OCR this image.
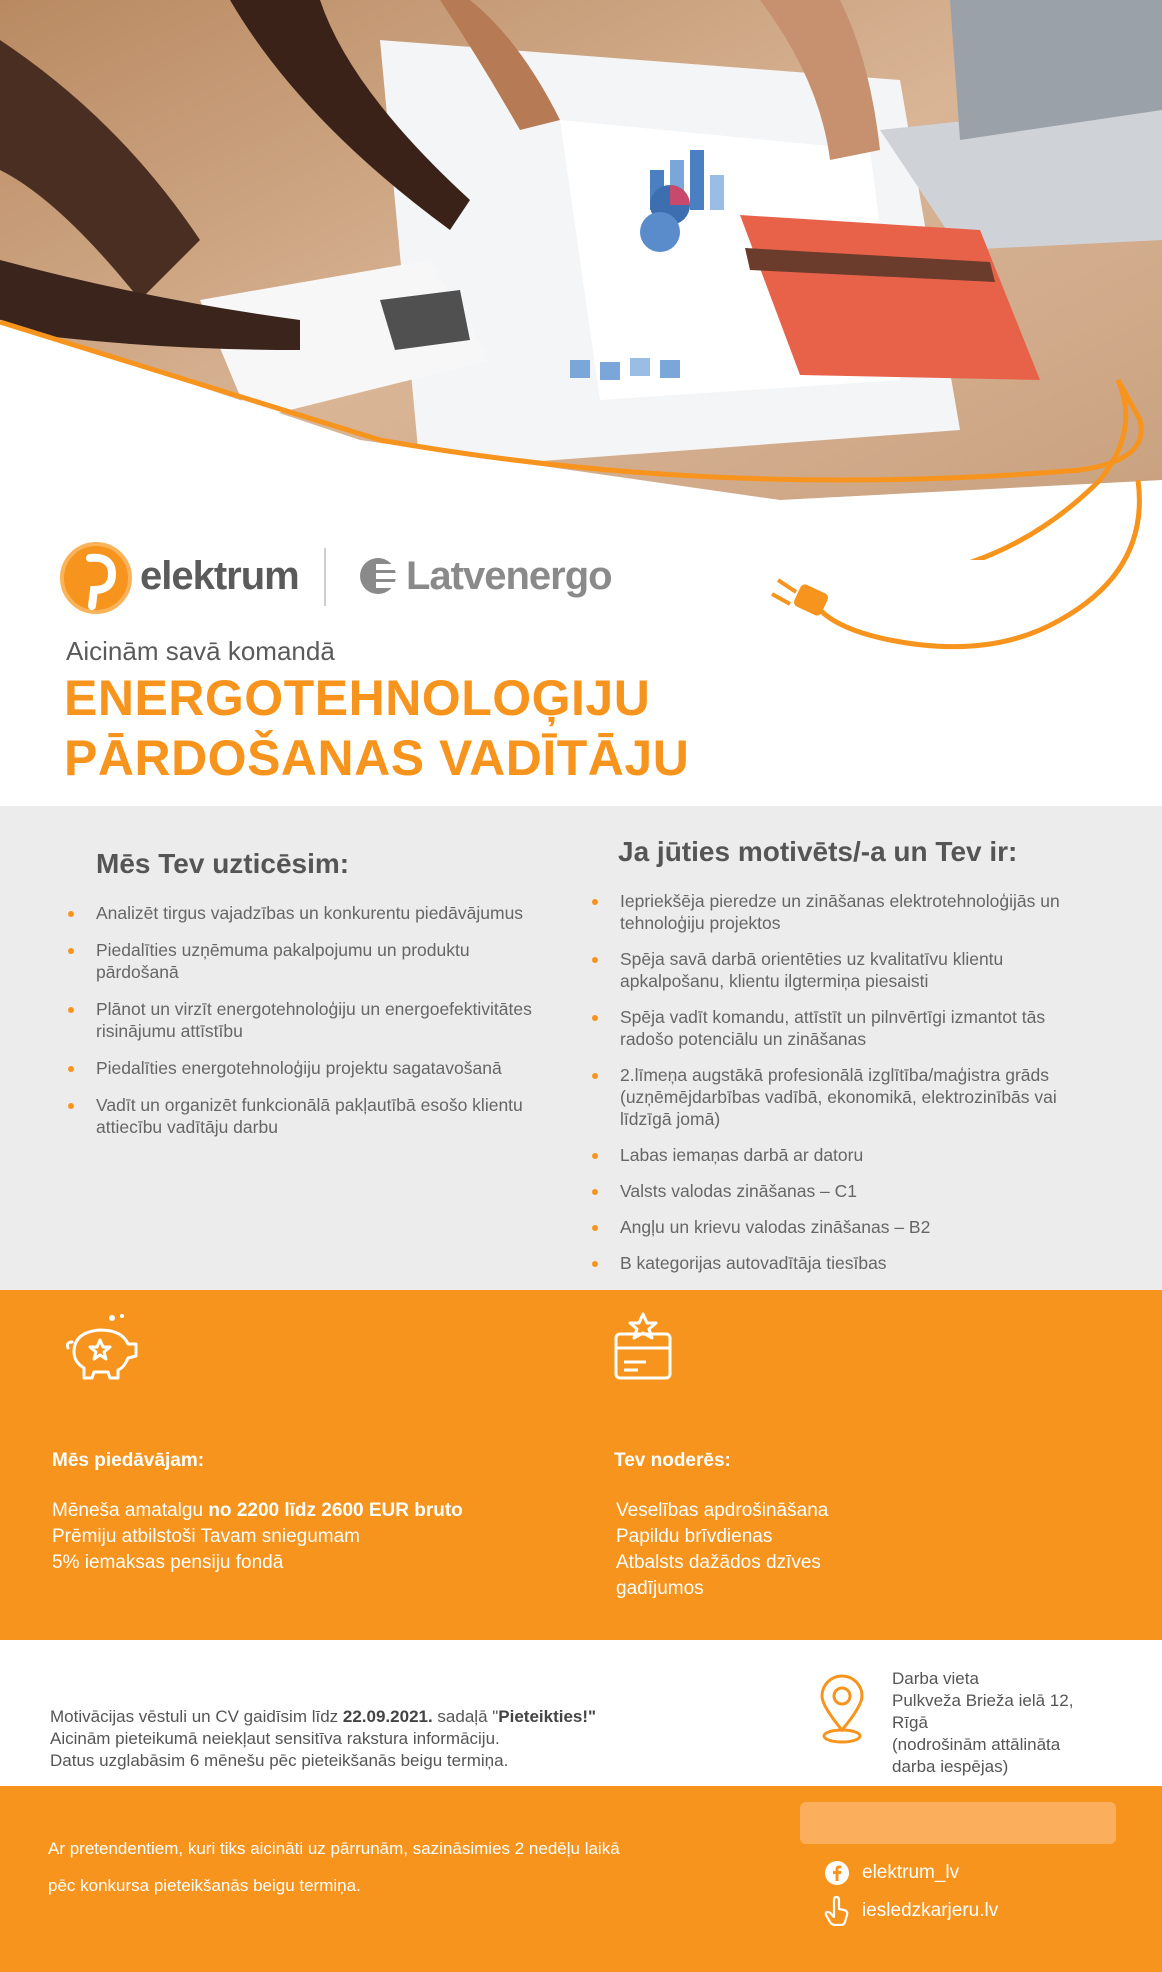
elektrum	Latvenergo
Aicinām savā komandā
ENERGOTEHNOLOĢIJU
PĀRDOŠANAS VADĪTĀJU
Mēs Tev uzticēsim:
Analizēt tirgus vajadzības un konkurentu piedāvājumus
Piedalīties uzņēmuma pakalpojumu un produktu pārdošanā
Plānot un virzīt energotehnoloģiju un energoefektivitātes risinājumu attīstību
Piedalīties energotehnoloģiju projektu sagatavošanā
Vadīt un organizēt funkcionālā pakļautībā esošo klientu attiecību vadītāju darbu
Ja jūties motivēts/-a un Tev ir:
Iepriekšēja pieredze un zināšanas elektrotehnoloģijās un tehnoloģiju projektos
Spēja savā darbā orientēties uz kvalitatīvu klientu apkalpošanu, klientu ilgtermiņa piesaisti
Spēja vadīt komandu, attīstīt un pilnvērtīgi izmantot tās radošo potenciālu un zināšanas
2.līmeņa augstākā profesionālā izglītība/maģistra grāds (uzņēmējdarbības vadībā, ekonomikā, elektrozinībās vai līdzīgā jomā)
Labas iemaņas darbā ar datoru
Valsts valodas zināšanas – C1
Angļu un krievu valodas zināšanas – B2
B kategorijas autovadītāja tiesības
Mēs piedāvājam:
Mēneša amatalgu no 2200 līdz 2600 EUR bruto
Prēmiju atbilstoši Tavam sniegumam
5% iemaksas pensiju fondā
Tev noderēs:
Veselības apdrošināšana
Papildu brīvdienas
Atbalsts dažādos dzīves gadījumos
Motivācijas vēstuli un CV gaidīsim līdz 22.09.2021. sadaļā "Pieteikties!"
Aicinām pieteikumā neiekļaut sensitīva rakstura informāciju.
Datus uzglabāsim 6 mēnešu pēc pieteikšanās beigu termiņa.
Darba vieta
Pulkveža Brieža ielā 12,
Rīgā
(nodrošinām attālināta darba iespējas)
Ar pretendentiem, kuri tiks aicināti uz pārrunām, sazināsimies 2 nedēļu laikā
pēc konkursa pieteikšanās beigu termiņa.
elektrum_lv
iesledzkarjeru.lv
